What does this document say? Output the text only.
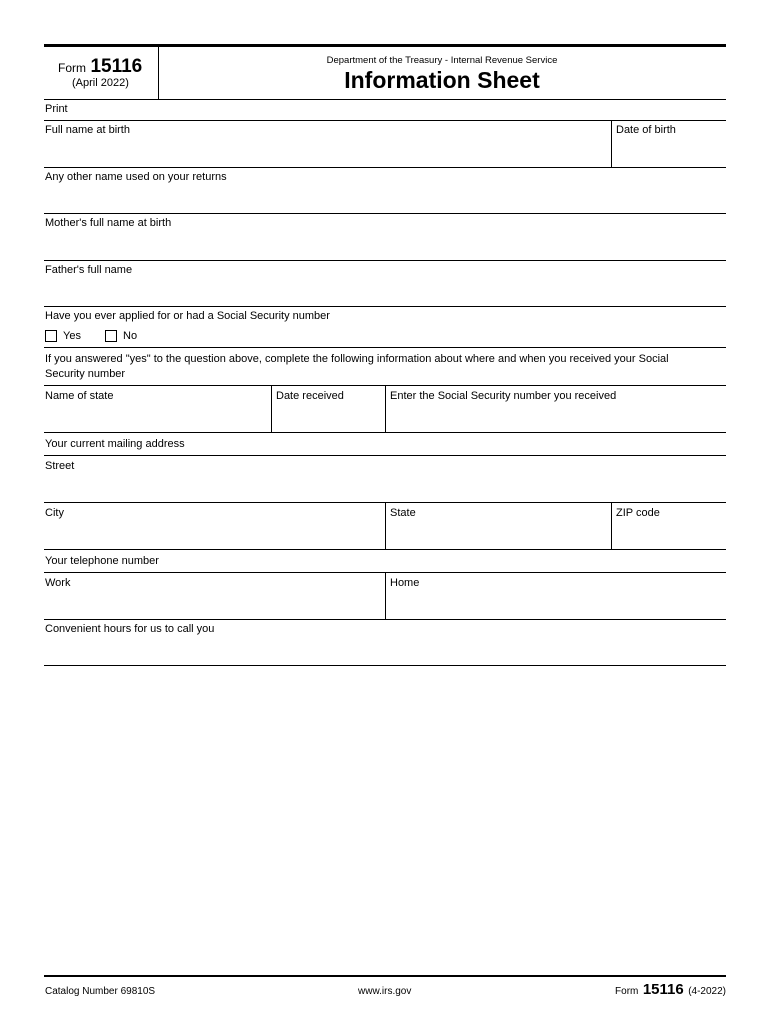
Form 15116
(April 2022)
Department of the Treasury - Internal Revenue Service
Information Sheet
Print
Full name at birth	Date of birth
Any other name used on your returns
Mother's full name at birth
Father's full name
Have you ever applied for or had a Social Security number
Yes	No
If you answered "yes" to the question above, complete the following information about where and when you received your Social
Security number
Name of state	Date received	Enter the Social Security number you received
Your current mailing address
Street
City	State	ZIP code
Your telephone number
Work	Home
Convenient hours for us to call you
Catalog Number 69810S	www.irs.gov	Form 15116 (4-2022)
